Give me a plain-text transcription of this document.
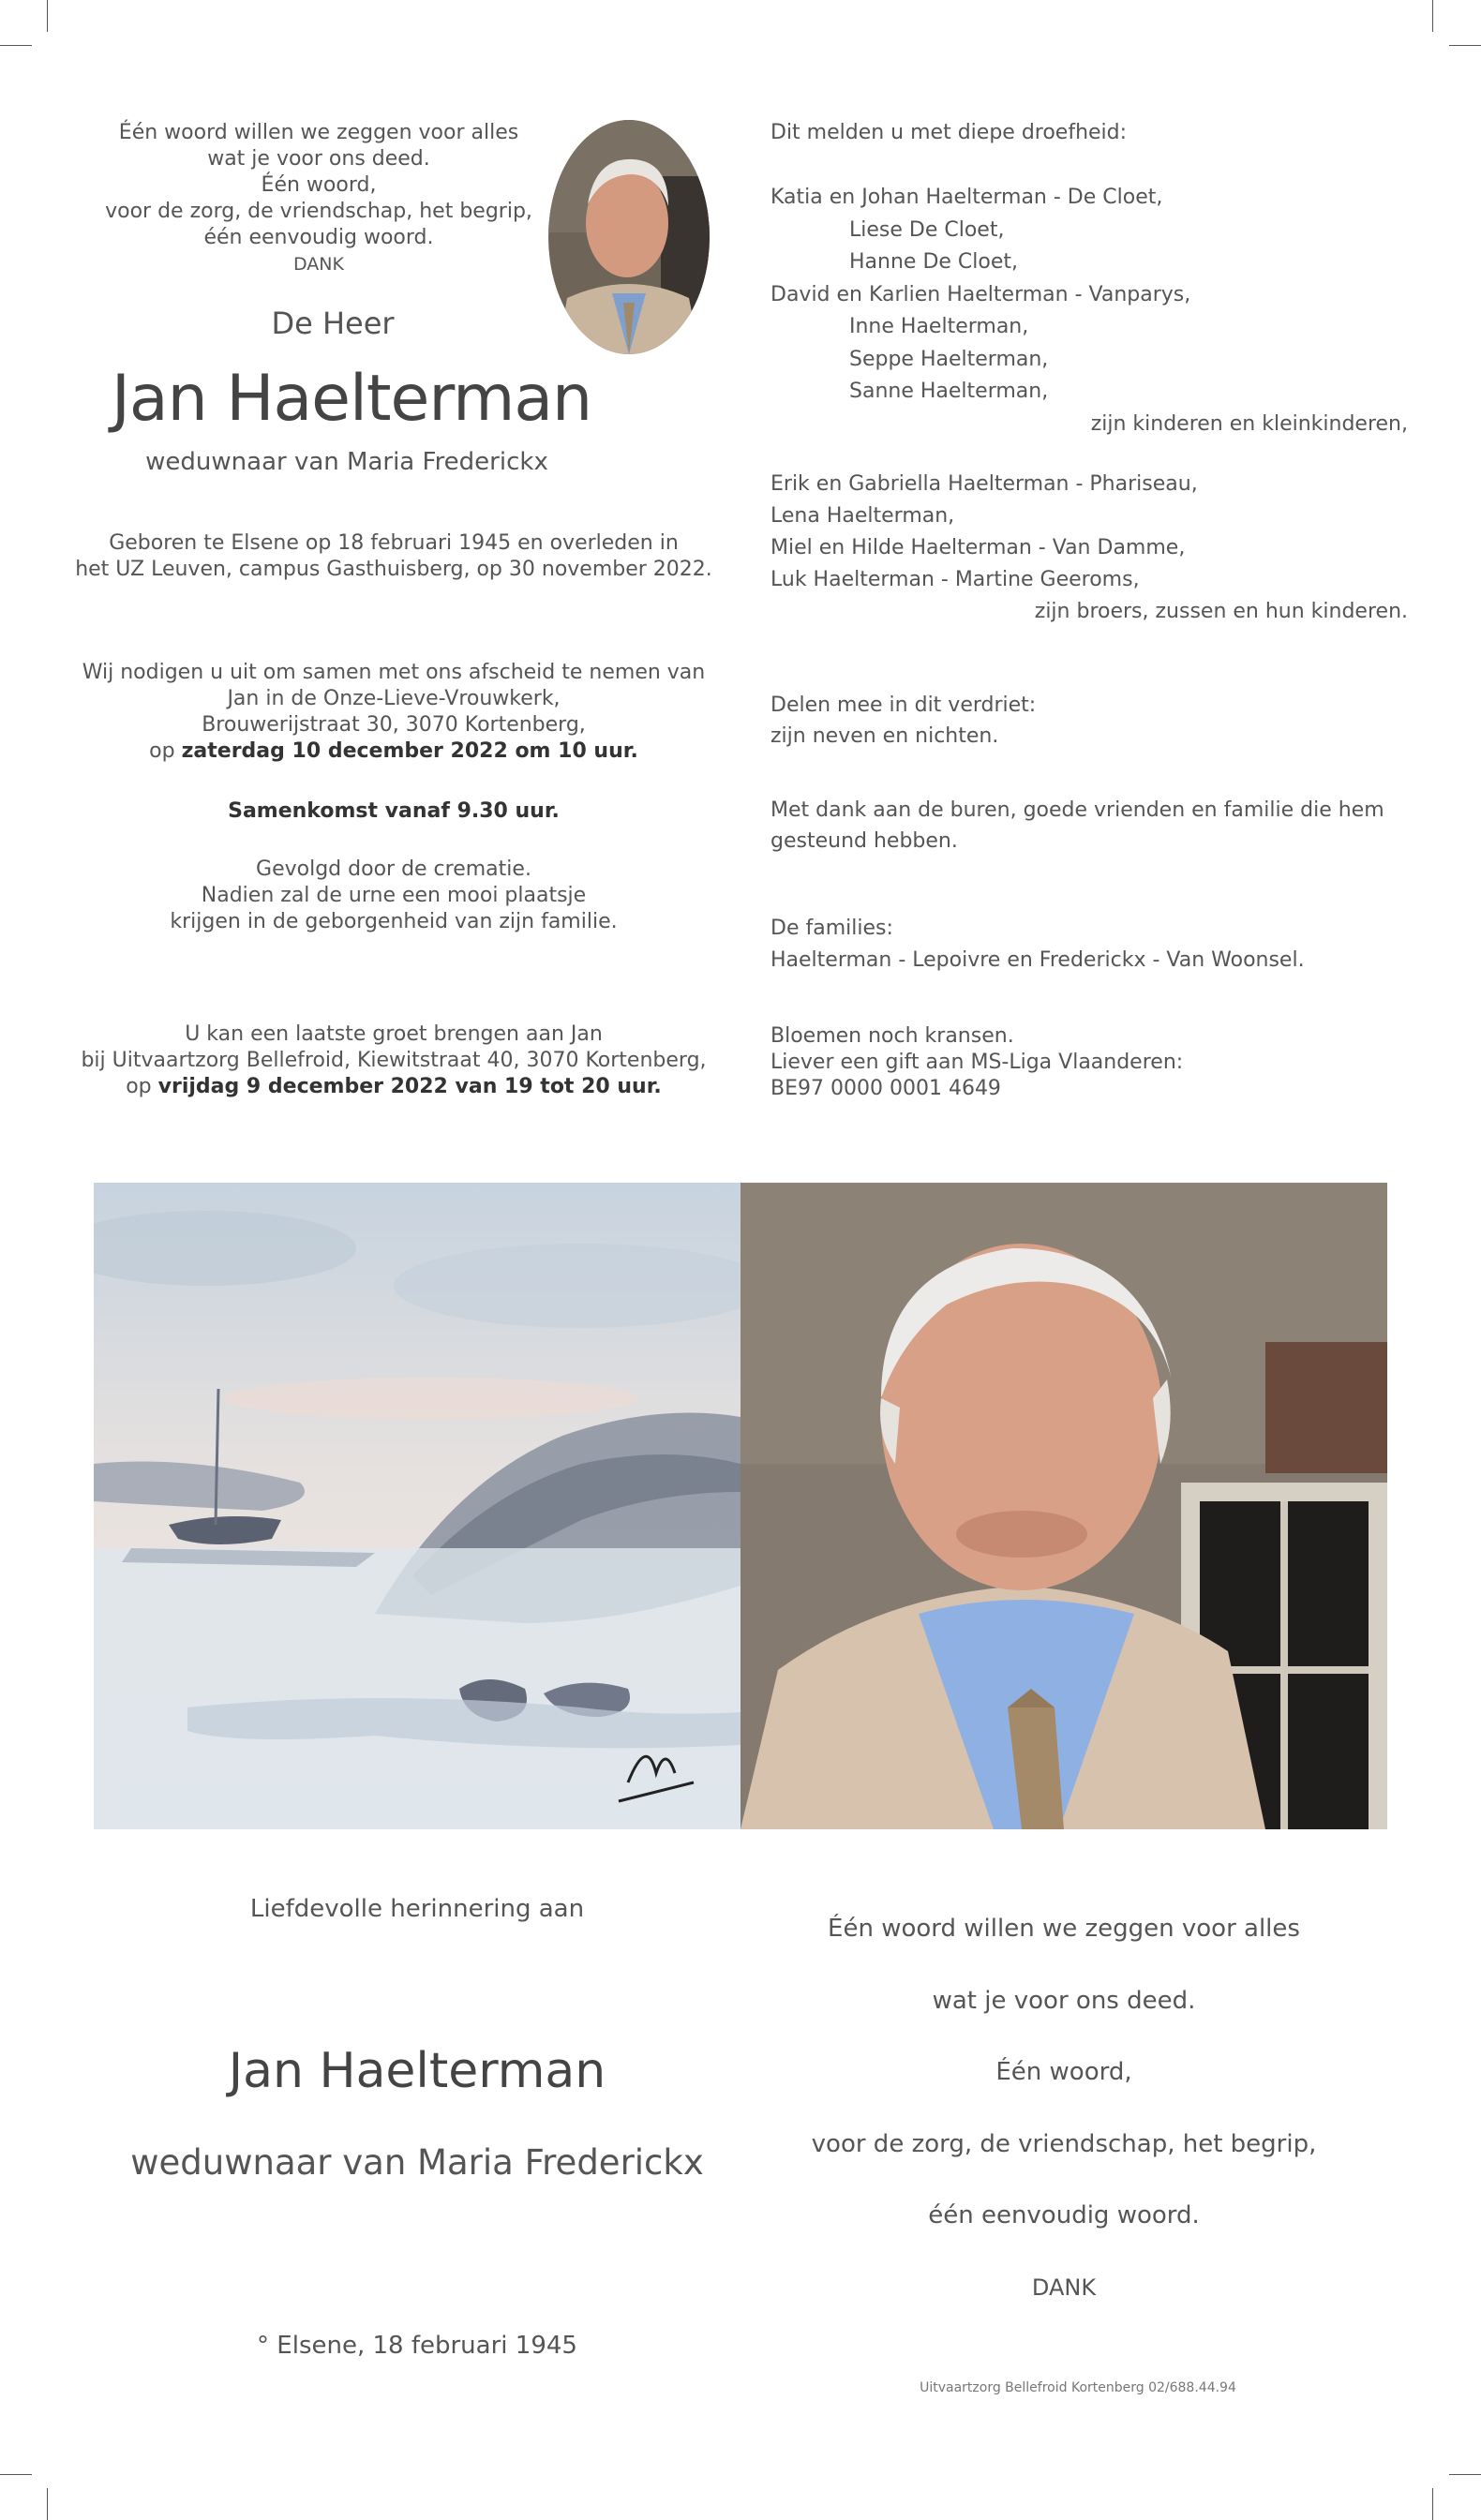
Één woord willen we zeggen voor alles
wat je voor ons deed.
Één woord,
voor de zorg, de vriendschap, het begrip,
één eenvoudig woord.
DANK
De Heer
Jan Haelterman
weduwnaar van Maria Frederickx
Geboren te Elsene op 18 februari 1945 en overleden in
het UZ Leuven, campus Gasthuisberg, op 30 november 2022.
Wij nodigen u uit om samen met ons afscheid te nemen van
Jan in de Onze-Lieve-Vrouwkerk,
Brouwerijstraat 30, 3070 Kortenberg,
op zaterdag 10 december 2022 om 10 uur.
Samenkomst vanaf 9.30 uur.
Gevolgd door de crematie.
Nadien zal de urne een mooi plaatsje
krijgen in de geborgenheid van zijn familie.
U kan een laatste groet brengen aan Jan
bij Uitvaartzorg Bellefroid, Kiewitstraat 40, 3070 Kortenberg,
op vrijdag 9 december 2022 van 19 tot 20 uur.
Dit melden u met diepe droefheid:
Katia en Johan Haelterman - De Cloet,
Liese De Cloet,
Hanne De Cloet,
David en Karlien Haelterman - Vanparys,
Inne Haelterman,
Seppe Haelterman,
Sanne Haelterman,
zijn kinderen en kleinkinderen,
Erik en Gabriella Haelterman - Phariseau,
Lena Haelterman,
Miel en Hilde Haelterman - Van Damme,
Luk Haelterman - Martine Geeroms,
zijn broers, zussen en hun kinderen.
Delen mee in dit verdriet:
zijn neven en nichten.
Met dank aan de buren, goede vrienden en familie die hem
gesteund hebben.
De families:
Haelterman - Lepoivre en Frederickx - Van Woonsel.
Bloemen noch kransen.
Liever een gift aan MS-Liga Vlaanderen:
BE97 0000 0001 4649
Liefdevolle herinnering aan
Jan Haelterman
weduwnaar van Maria Frederickx
° Elsene, 18 februari 1945
Één woord willen we zeggen voor alles
wat je voor ons deed.
Één woord,
voor de zorg, de vriendschap, het begrip,
één eenvoudig woord.
DANK
Uitvaartzorg Bellefroid Kortenberg 02/688.44.94
